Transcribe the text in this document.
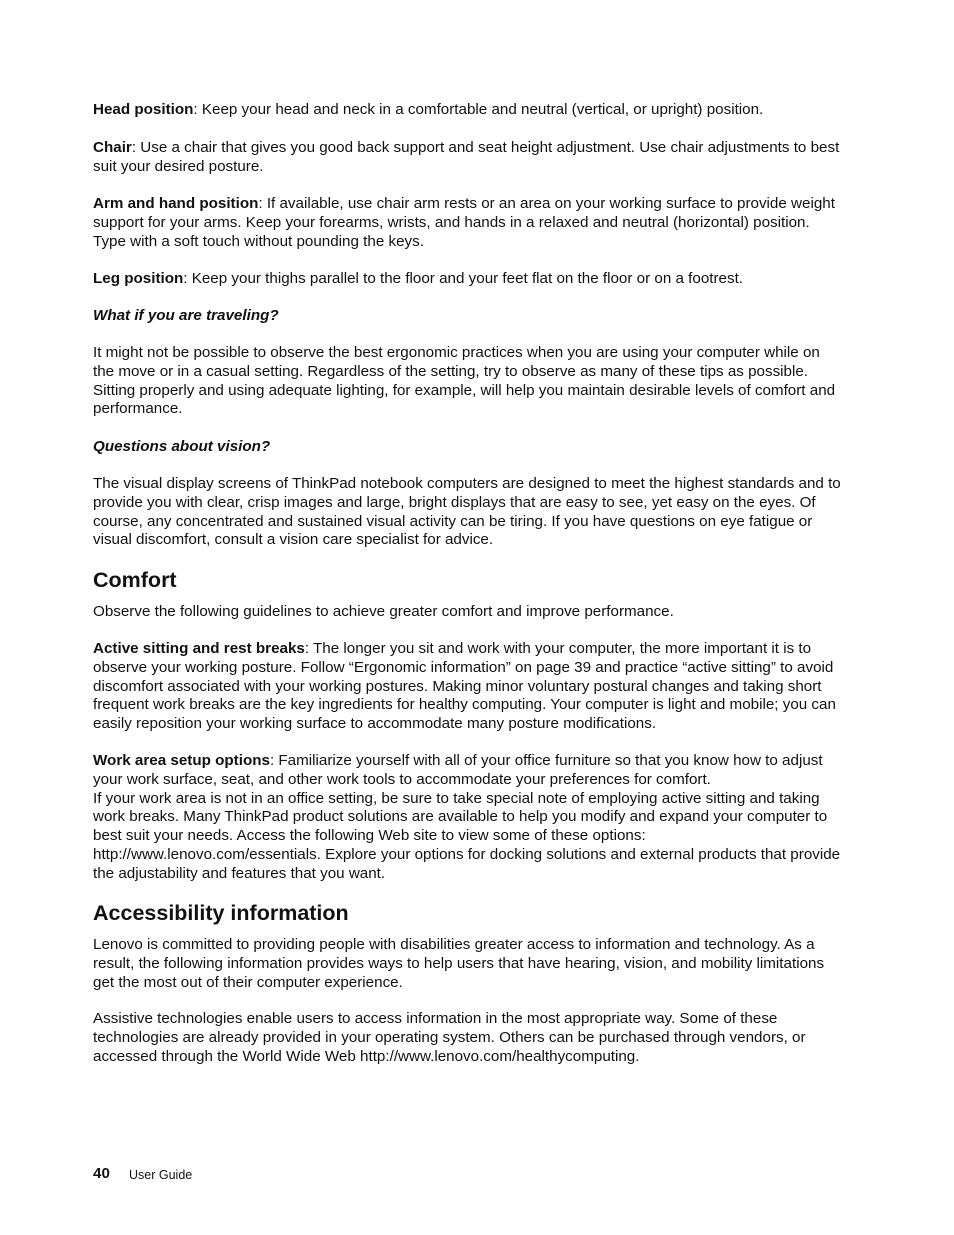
Head position: Keep your head and neck in a comfortable and neutral (vertical, or upright) position.

Chair: Use a chair that gives you good back support and seat height adjustment. Use chair adjustments to best suit your desired posture.

Arm and hand position: If available, use chair arm rests or an area on your working surface to provide weight support for your arms. Keep your forearms, wrists, and hands in a relaxed and neutral (horizontal) position. Type with a soft touch without pounding the keys.

Leg position: Keep your thighs parallel to the floor and your feet flat on the floor or on a footrest.

What if you are traveling?

It might not be possible to observe the best ergonomic practices when you are using your computer while on the move or in a casual setting. Regardless of the setting, try to observe as many of these tips as possible. Sitting properly and using adequate lighting, for example, will help you maintain desirable levels of comfort and performance.

Questions about vision?

The visual display screens of ThinkPad notebook computers are designed to meet the highest standards and to provide you with clear, crisp images and large, bright displays that are easy to see, yet easy on the eyes. Of course, any concentrated and sustained visual activity can be tiring. If you have questions on eye fatigue or visual discomfort, consult a vision care specialist for advice.

Comfort

Observe the following guidelines to achieve greater comfort and improve performance.

Active sitting and rest breaks: The longer you sit and work with your computer, the more important it is to observe your working posture. Follow “Ergonomic information” on page 39 and practice “active sitting” to avoid discomfort associated with your working postures. Making minor voluntary postural changes and taking short frequent work breaks are the key ingredients for healthy computing. Your computer is light and mobile; you can easily reposition your working surface to accommodate many posture modifications.

Work area setup options: Familiarize yourself with all of your office furniture so that you know how to adjust your work surface, seat, and other work tools to accommodate your preferences for comfort.
If your work area is not in an office setting, be sure to take special note of employing active sitting and taking work breaks. Many ThinkPad product solutions are available to help you modify and expand your computer to best suit your needs. Access the following Web site to view some of these options: http://www.lenovo.com/essentials. Explore your options for docking solutions and external products that provide the adjustability and features that you want.

Accessibility information

Lenovo is committed to providing people with disabilities greater access to information and technology. As a result, the following information provides ways to help users that have hearing, vision, and mobility limitations get the most out of their computer experience.

Assistive technologies enable users to access information in the most appropriate way. Some of these technologies are already provided in your operating system. Others can be purchased through vendors, or accessed through the World Wide Web http://www.lenovo.com/healthycomputing.

40 User Guide
